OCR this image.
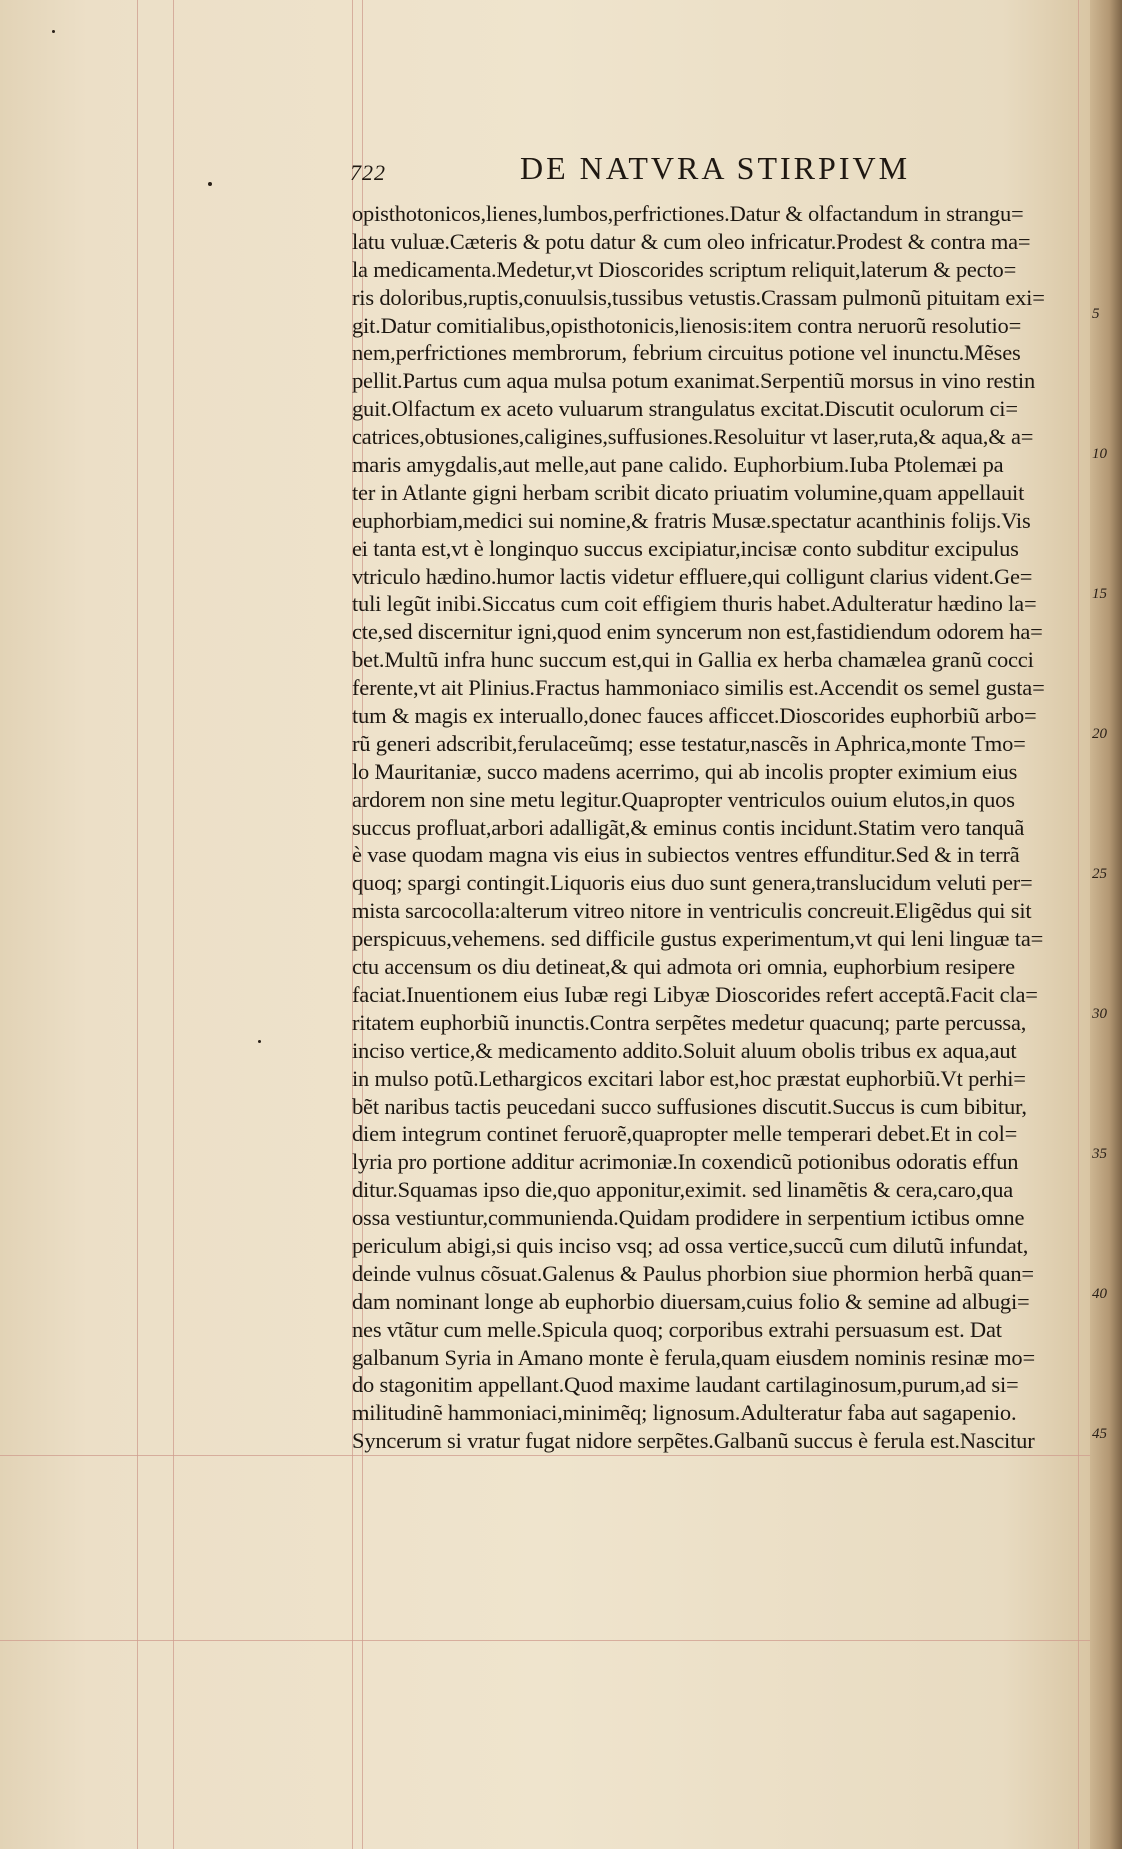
722	DE NATVRA STIRPIVM
opisthotonicos,lienes,lumbos,perfrictiones.Datur & olfactandum in strangu=
latu vuluæ.Cæteris & potu datur & cum oleo infricatur.Prodest & contra ma=
la medicamenta.Medetur,vt Dioscorides scriptum reliquit,laterum & pecto=
ris doloribus,ruptis,conuulsis,tussibus vetustis.Crassam pulmonũ pituitam exi=
git.Datur comitialibus,opisthotonicis,lienosis:item contra neruorũ resolutio=
nem,perfrictiones membrorum, febrium circuitus potione vel inunctu.Mẽses
pellit.Partus cum aqua mulsa potum exanimat.Serpentiũ morsus in vino restin
guit.Olfactum ex aceto vuluarum strangulatus excitat.Discutit oculorum ci=
catrices,obtusiones,caligines,suffusiones.Resoluitur vt laser,ruta,& aqua,& a=
maris amygdalis,aut melle,aut pane calido. Euphorbium.Iuba Ptolemæi pa
ter in Atlante gigni herbam scribit dicato priuatim volumine,quam appellauit
euphorbiam,medici sui nomine,& fratris Musæ.spectatur acanthinis folijs.Vis
ei tanta est,vt è longinquo succus excipiatur,incisæ conto subditur excipulus
vtriculo hædino.humor lactis videtur effluere,qui colligunt clarius vident.Ge=
tuli legũt inibi.Siccatus cum coit effigiem thuris habet.Adulteratur hædino la=
cte,sed discernitur igni,quod enim syncerum non est,fastidiendum odorem ha=
bet.Multũ infra hunc succum est,qui in Gallia ex herba chamælea granũ cocci
ferente,vt ait Plinius.Fractus hammoniaco similis est.Accendit os semel gusta=
tum & magis ex interuallo,donec fauces afficcet.Dioscorides euphorbiũ arbo=
rũ generi adscribit,ferulaceũmq; esse testatur,nascẽs in Aphrica,monte Tmo=
lo Mauritaniæ, succo madens acerrimo, qui ab incolis propter eximium eius
ardorem non sine metu legitur.Quapropter ventriculos ouium elutos,in quos
succus profluat,arbori adalligãt,& eminus contis incidunt.Statim vero tanquã
è vase quodam magna vis eius in subiectos ventres effunditur.Sed & in terrã
quoq; spargi contingit.Liquoris eius duo sunt genera,translucidum veluti per=
mista sarcocolla:alterum vitreo nitore in ventriculis concreuit.Eligẽdus qui sit
perspicuus,vehemens. sed difficile gustus experimentum,vt qui leni linguæ ta=
ctu accensum os diu detineat,& qui admota ori omnia, euphorbium resipere
faciat.Inuentionem eius Iubæ regi Libyæ Dioscorides refert acceptã.Facit cla=
ritatem euphorbiũ inunctis.Contra serpẽtes medetur quacunq; parte percussa,
inciso vertice,& medicamento addito.Soluit aluum obolis tribus ex aqua,aut
in mulso potũ.Lethargicos excitari labor est,hoc præstat euphorbiũ.Vt perhi=
bẽt naribus tactis peucedani succo suffusiones discutit.Succus is cum bibitur,
diem integrum continet feruorẽ,quapropter melle temperari debet.Et in col=
lyria pro portione additur acrimoniæ.In coxendicũ potionibus odoratis effun
ditur.Squamas ipso die,quo apponitur,eximit. sed linamẽtis & cera,caro,qua
ossa vestiuntur,communienda.Quidam prodidere in serpentium ictibus omne
periculum abigi,si quis inciso vsq; ad ossa vertice,succũ cum dilutũ infundat,
deinde vulnus cõsuat.Galenus & Paulus phorbion siue phormion herbã quan=
dam nominant longe ab euphorbio diuersam,cuius folio & semine ad albugi=
nes vtãtur cum melle.Spicula quoq; corporibus extrahi persuasum est. Dat
galbanum Syria in Amano monte è ferula,quam eiusdem nominis resinæ mo=
do stagonitim appellant.Quod maxime laudant cartilaginosum,purum,ad si=
militudinẽ hammoniaci,minimẽq; lignosum.Adulteratur faba aut sagapenio.
Syncerum si vratur fugat nidore serpẽtes.Galbanũ succus è ferula est.Nascitur
5
10
15
20
25
30
35
40
45
